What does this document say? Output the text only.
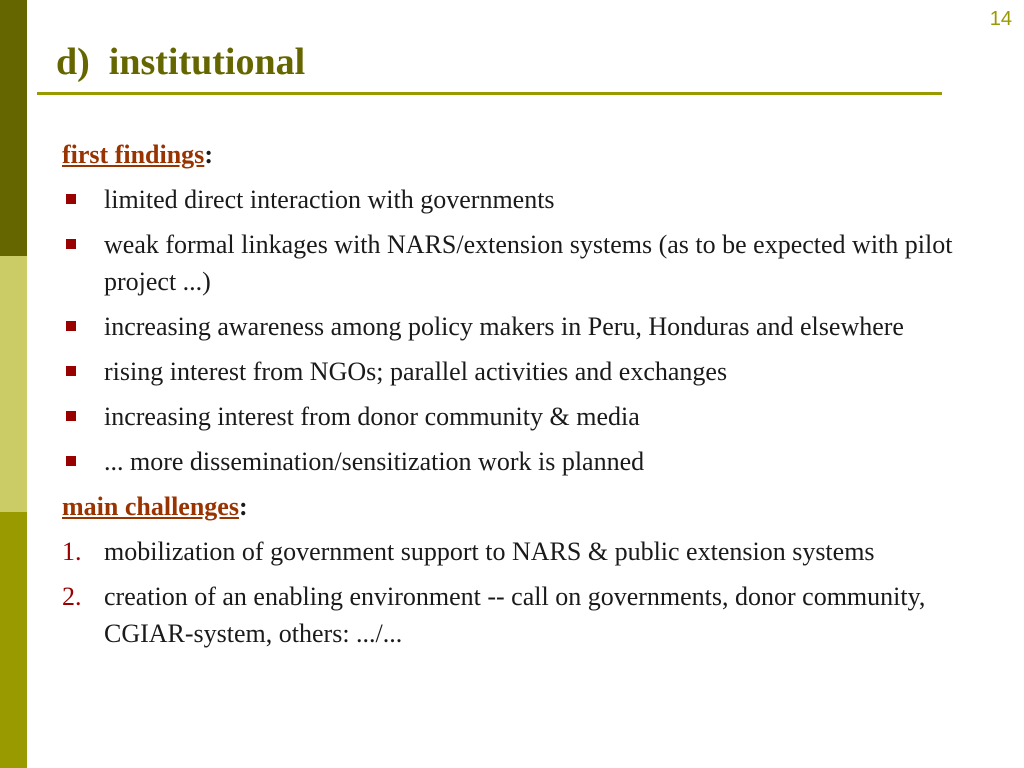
14
d)  institutional
first findings:
limited direct interaction with governments
weak formal linkages with NARS/extension systems (as to be expected with pilot project ...)
increasing awareness among policy makers in Peru, Honduras and elsewhere
rising interest from NGOs; parallel activities and exchanges
increasing interest from donor community & media
... more dissemination/sensitization work is planned
main challenges:
1. mobilization of government support to NARS & public extension systems
2. creation of an enabling environment -- call on governments, donor community, CGIAR-system, others: .../...
